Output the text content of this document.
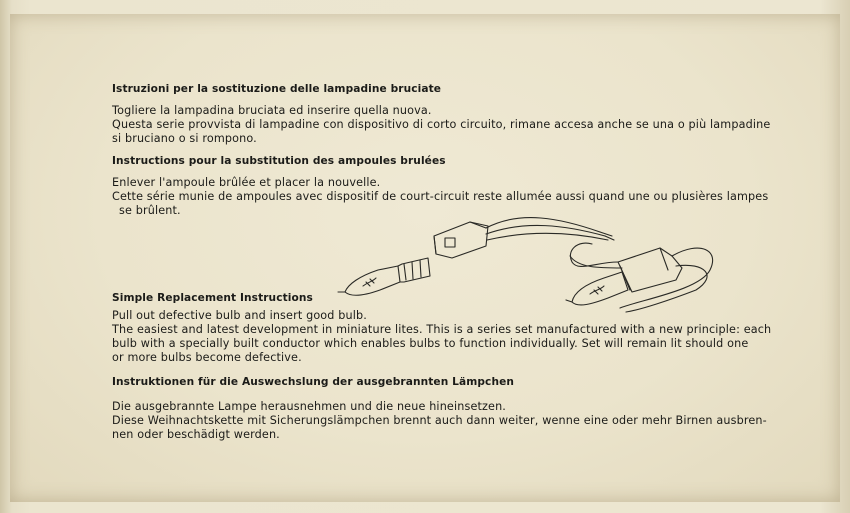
Istruzioni per la sostituzione delle lampadine bruciate
Togliere la lampadina bruciata ed inserire quella nuova.
Questa serie provvista di lampadine con dispositivo di corto circuito, rimane accesa anche se una o più lampadine
si bruciano o si rompono.
Instructions pour la substitution des ampoules brulées
Enlever l'ampoule brûlée et placer la nouvelle.
Cette série munie de ampoules avec dispositif de court-circuit reste allumée aussi quand une ou plusières lampes
se brûlent.
Simple Replacement Instructions
Pull out defective bulb and insert good bulb.
The easiest and latest development in miniature lites. This is a series set manufactured with a new principle: each
bulb with a specially built conductor which enables bulbs to function individually. Set will remain lit should one
or more bulbs become defective.
Instruktionen für die Auswechslung der ausgebrannten Lämpchen
Die ausgebrannte Lampe herausnehmen und die neue hineinsetzen.
Diese Weihnachtskette mit Sicherungslämpchen brennt auch dann weiter, wenne eine oder mehr Birnen ausbren-
nen oder beschädigt werden.
